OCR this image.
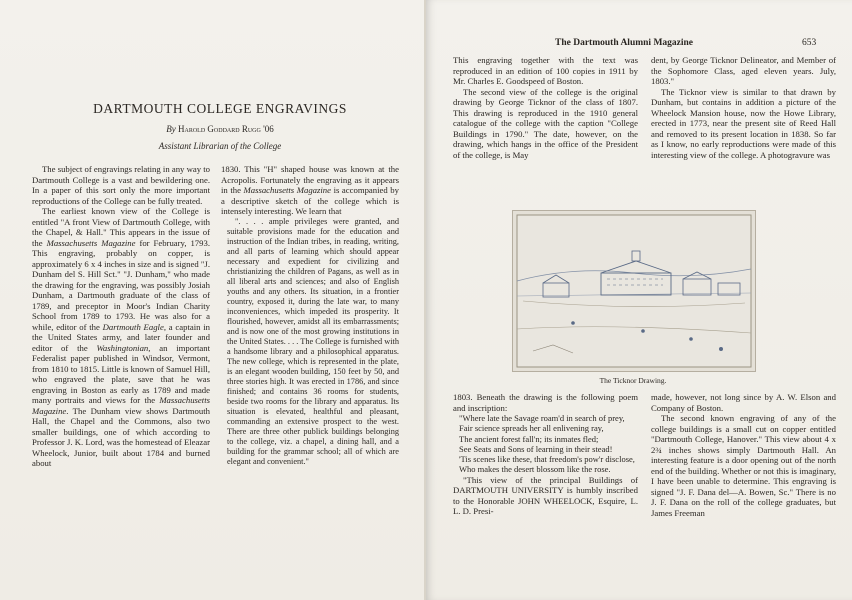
DARTMOUTH COLLEGE ENGRAVINGS
By Harold Goddard Rugg '06
Assistant Librarian of the College

The subject of engravings relating in any way to Dartmouth College is a vast and bewildering one. In a paper of this sort only the more important reproductions of the College can be fully treated.

The earliest known view of the College is entitled "A front View of Dartmouth College, with the Chapel, & Hall." This appears in the issue of the Massachusetts Magazine for February, 1793. This engraving, probably on copper, is approximately 6 x 4 inches in size and is signed "J. Dunham del S. Hill Sct." "J. Dunham," who made the drawing for the engraving, was possibly Josiah Dunham, a Dartmouth graduate of the class of 1789, and preceptor in Moor's Indian Charity School from 1789 to 1793. He was also for a while, editor of the Dartmouth Eagle, a captain in the United States army, and later founder and editor of the Washingtonian, an important Federalist paper published in Windsor, Vermont, from 1810 to 1815. Little is known of Samuel Hill, who engraved the plate, save that he was engraving in Boston as early as 1789 and made many portraits and views for the Massachusetts Magazine. The Dunham view shows Dartmouth Hall, the Chapel and the Commons, also two smaller buildings, one of which according to Professor J. K. Lord, was the homestead of Eleazar Wheelock, Junior, built about 1784 and burned about

1830. This "H" shaped house was known at the Acropolis. Fortunately the engraving as it appears in the Massachusetts Magazine is accompanied by a descriptive sketch of the college which is intensely interesting. We learn that

". . . . ample privileges were granted, and suitable provisions made for the education and instruction of the Indian tribes, in reading, writing, and all parts of learning which should appear necessary and expedient for civilizing and christianizing the children of Pagans, as well as in all liberal arts and sciences; and also of English youths and any others. Its situation, in a frontier country, exposed it, during the late war, to many inconveniences, which impeded its prosperity. It flourished, however, amidst all its embarrassments; and is now one of the most growing institutions in the United States. . . . The College is furnished with a handsome library and a philosophical apparatus. The new college, which is represented in the plate, is an elegant wooden building, 150 feet by 50, and three stories high. It was erected in 1786, and since finished; and contains 36 rooms for students, beside two rooms for the library and apparatus. Its situation is elevated, healthful and pleasant, commanding an extensive prospect to the west. There are three other publick buildings belonging to the college, viz. a chapel, a dining hall, and a building for the grammar school; all of which are elegant and convenient."

The Dartmouth Alumni Magazine	653

This engraving together with the text was reproduced in an edition of 100 copies in 1911 by Mr. Charles E. Goodspeed of Boston.

The second view of the college is the original drawing by George Ticknor of the class of 1807. This drawing is reproduced in the 1910 general catalogue of the college with the caption "College Buildings in 1790." The date, however, on the drawing, which hangs in the office of the President of the college, is May

dent, by George Ticknor Delineator, and Member of the Sophomore Class, aged eleven years. July, 1803."

The Ticknor view is similar to that drawn by Dunham, but contains in addition a picture of the Wheelock Mansion house, now the Howe Library, erected in 1773, near the present site of Reed Hall and removed to its present location in 1838. So far as I know, no early reproductions were made of this interesting view of the college. A photogravure was

The Ticknor Drawing.

1803. Beneath the drawing is the following poem and inscription:

"Where late the Savage roam'd in search of prey,
Fair science spreads her all enlivening ray,
The ancient forest fall'n; its inmates fled;
See Seats and Sons of learning in their stead!
'Tis scenes like these, that freedom's pow'r disclose,
Who makes the desert blossom like the rose.

"This view of the principal Buildings of DARTMOUTH UNIVERSITY is humbly inscribed to the Honorable JOHN WHEELOCK, Esquire, L. L. D. Presi-

made, however, not long since by A. W. Elson and Company of Boston.

The second known engraving of any of the college buildings is a small cut on copper entitled "Dartmouth College, Hanover." This view about 4 x 2¾ inches shows simply Dartmouth Hall. An interesting feature is a door opening out of the north end of the building. Whether or not this is imaginary, I have been unable to determine. This engraving is signed "J. F. Dana del—A. Bowen, Sc." There is no J. F. Dana on the roll of the college graduates, but James Freeman
